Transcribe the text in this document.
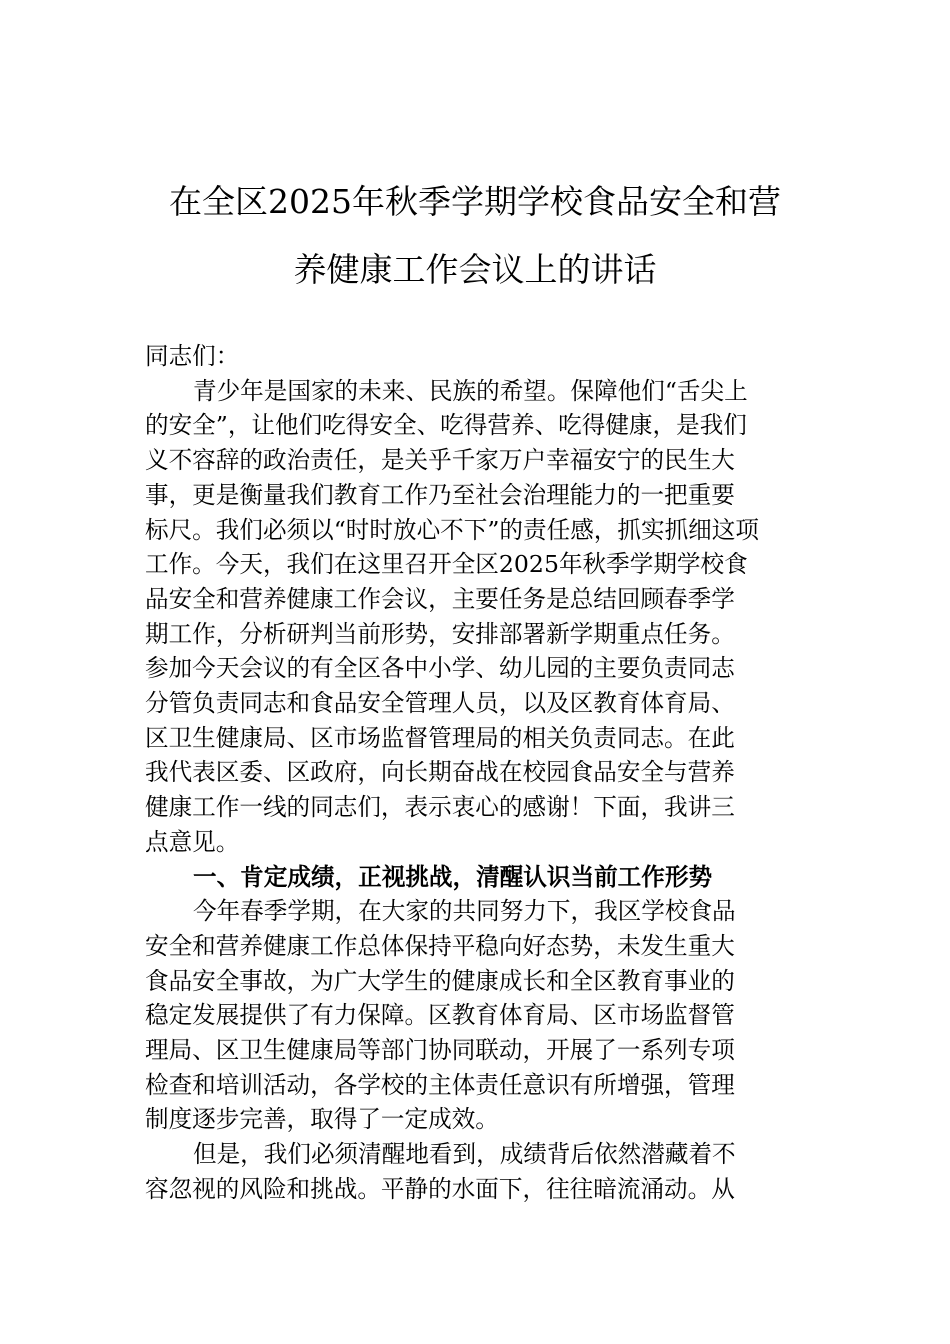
在全区2025年秋季学期学校食品安全和营
养健康工作会议上的讲话

同志们：

青少年是国家的未来、民族的希望。保障他们“舌尖上
的安全”，让他们吃得安全、吃得营养、吃得健康，是我们
义不容辞的政治责任，是关乎千家万户幸福安宁的民生大
事，更是衡量我们教育工作乃至社会治理能力的一把重要
标尺。我们必须以“时时放心不下”的责任感，抓实抓细这项
工作。今天，我们在这里召开全区2025年秋季学期学校食
品安全和营养健康工作会议，主要任务是总结回顾春季学
期工作，分析研判当前形势，安排部署新学期重点任务。
参加今天会议的有全区各中小学、幼儿园的主要负责同志
分管负责同志和食品安全管理人员，以及区教育体育局、
区卫生健康局、区市场监督管理局的相关负责同志。在此
我代表区委、区政府，向长期奋战在校园食品安全与营养
健康工作一线的同志们，表示衷心的感谢！下面，我讲三
点意见。

一、肯定成绩，正视挑战，清醒认识当前工作形势

今年春季学期，在大家的共同努力下，我区学校食品
安全和营养健康工作总体保持平稳向好态势，未发生重大
食品安全事故，为广大学生的健康成长和全区教育事业的
稳定发展提供了有力保障。区教育体育局、区市场监督管
理局、区卫生健康局等部门协同联动，开展了一系列专项
检查和培训活动，各学校的主体责任意识有所增强，管理
制度逐步完善，取得了一定成效。

但是，我们必须清醒地看到，成绩背后依然潜藏着不
容忽视的风险和挑战。平静的水面下，往往暗流涌动。从
